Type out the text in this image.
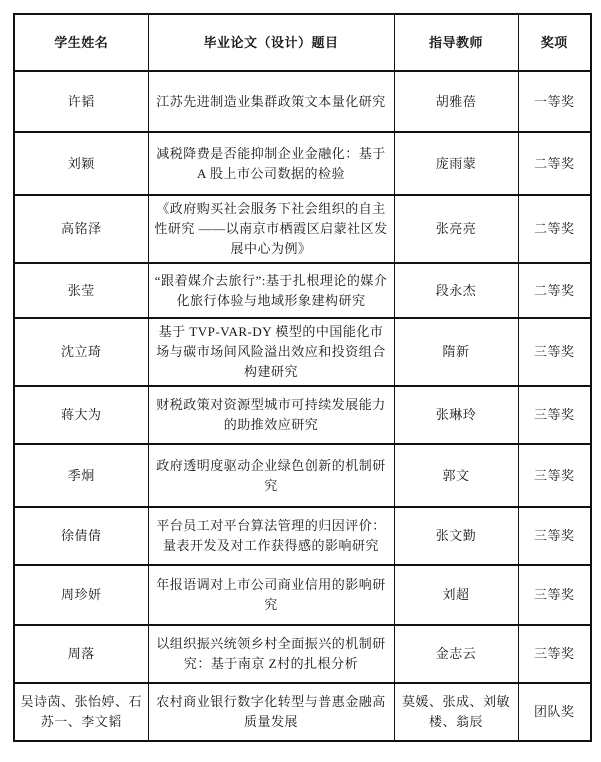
学生姓名	毕业论文（设计）题目	指导教师	奖项
许韬	江苏先进制造业集群政策文本量化研究	胡雅蓓	一等奖
刘颖	减税降费是否能抑制企业金融化：基于 A 股上市公司数据的检验	庞雨蒙	二等奖
高铭泽	《政府购买社会服务下社会组织的自主性研究 ——以南京市栖霞区启蒙社区发展中心为例》	张亮亮	二等奖
张莹	“跟着媒介去旅行”:基于扎根理论的媒介化旅行体验与地域形象建构研究	段永杰	二等奖
沈立琦	基于 TVP-VAR-DY 模型的中国能化市场与碳市场间风险溢出效应和投资组合构建研究	隋新	三等奖
蒋大为	财税政策对资源型城市可持续发展能力的助推效应研究	张琳玲	三等奖
季炯	政府透明度驱动企业绿色创新的机制研究	郭文	三等奖
徐倩倩	平台员工对平台算法管理的归因评价：量表开发及对工作获得感的影响研究	张文勤	三等奖
周珍妍	年报语调对上市公司商业信用的影响研究	刘超	三等奖
周落	以组织振兴统领乡村全面振兴的机制研究：基于南京 Z村的扎根分析	金志云	三等奖
吴诗茵、张怡婷、石苏一、李文韬	农村商业银行数字化转型与普惠金融高质量发展	莫媛、张成、刘敏楼、翁辰	团队奖
